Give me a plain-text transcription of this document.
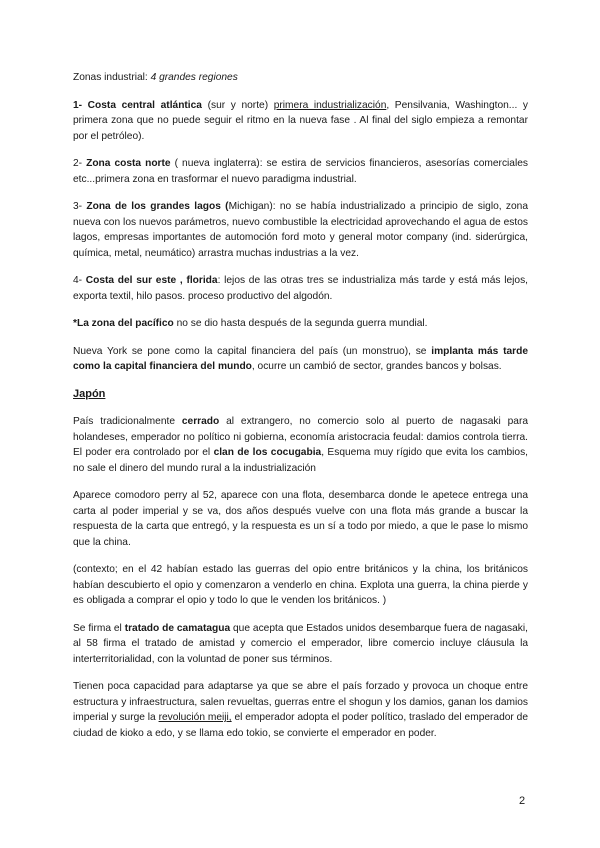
Zonas industrial: 4 grandes regiones

1- Costa central atlántica (sur y norte) primera industrialización, Pensilvania, Washington... y primera zona que no puede seguir el ritmo en la nueva fase . Al final del siglo empieza a remontar por el petróleo).

2- Zona costa norte ( nueva inglaterra): se estira de servicios financieros, asesorías comerciales etc...primera zona en trasformar el nuevo paradigma industrial.

3- Zona de los grandes lagos (Michigan): no se había industrializado a principio de siglo, zona nueva con los nuevos parámetros, nuevo combustible la electricidad aprovechando el agua de estos lagos, empresas importantes de automoción ford moto y general motor company (ind. siderúrgica, química, metal, neumático) arrastra muchas industrias a la vez.

4- Costa del sur este , florida: lejos de las otras tres se industrializa más tarde y está más lejos, exporta textil, hilo pasos. proceso productivo del algodón.

*La zona del pacífico no se dio hasta después de la segunda guerra mundial.

Nueva York se pone como la capital financiera del país (un monstruo), se implanta más tarde como la capital financiera del mundo, ocurre un cambió de sector, grandes bancos y bolsas.

Japón

País tradicionalmente cerrado al extrangero, no comercio solo al puerto de nagasaki para holandeses, emperador no político ni gobierna, economía aristocracia feudal: damios controla tierra. El poder era controlado por el clan de los cocugabia, Esquema muy rígido que evita los cambios, no sale el dinero del mundo rural a la industrialización

Aparece comodoro perry al 52, aparece con una flota, desembarca donde le apetece entrega una carta al poder imperial y se va, dos años después vuelve con una flota más grande a buscar la respuesta de la carta que entregó, y la respuesta es un sí a todo por miedo, a que le pase lo mismo que la china.

(contexto; en el 42 habían estado las guerras del opio entre británicos y la china, los británicos habían descubierto el opio y comenzaron a venderlo en china. Explota una guerra, la china pierde y es obligada a comprar el opio y todo lo que le venden los británicos. )

Se firma el tratado de camatagua que acepta que Estados unidos desembarque fuera de nagasaki, al 58 firma el tratado de amistad y comercio el emperador, libre comercio incluye cláusula la interterritorialidad, con la voluntad de poner sus términos.

Tienen poca capacidad para adaptarse ya que se abre el país forzado y provoca un choque entre estructura y infraestructura, salen revueltas, guerras entre el shogun y los damios, ganan los damios imperial y surge la revolución meiji, el emperador adopta el poder político, traslado del emperador de ciudad de kioko a edo, y se llama edo tokio, se convierte el emperador en poder.

2
